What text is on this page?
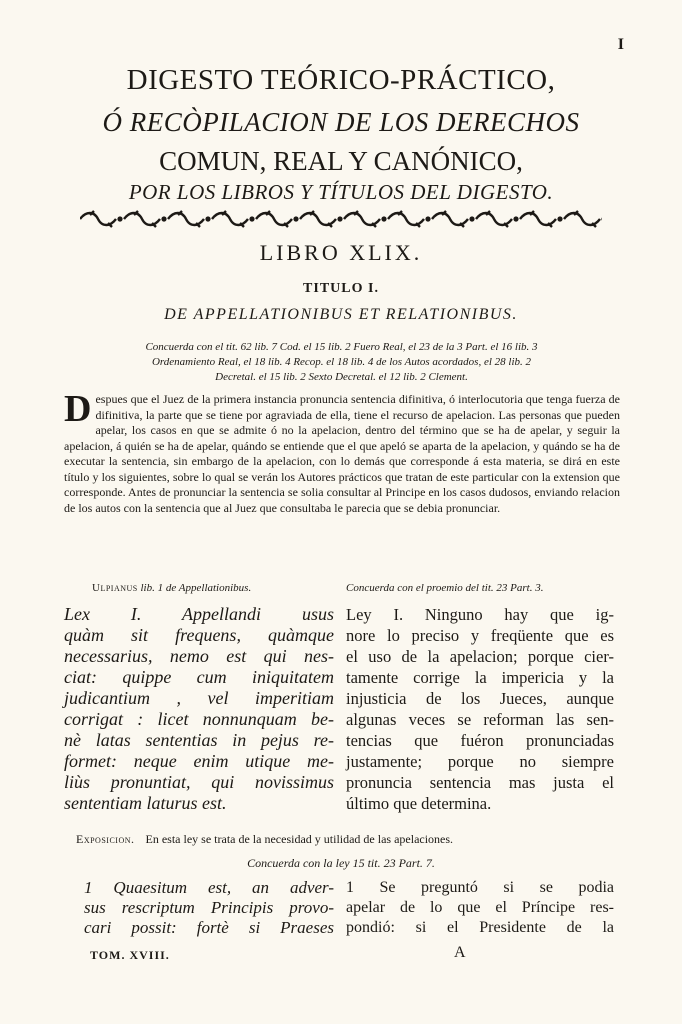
I
DIGESTO TEÓRICO-PRÁCTICO,
Ó RECÒPILACION DE LOS DERECHOS
COMUN, REAL Y CANÓNICO,
POR LOS LIBROS Y TÍTULOS DEL DIGESTO.
LIBRO XLIX.
TITULO I.
DE APPELLATIONIBUS ET RELATIONIBUS.
Concuerda con el tit. 62 lib. 7 Cod. el 15 lib. 2 Fuero Real, el 23 de la 3 Part. el 16 lib. 3
Ordenamiento Real, el 18 lib. 4 Recop. el 18 lib. 4 de los Autos acordados, el 28 lib. 2
Decretal. el 15 lib. 2 Sexto Decretal. el 12 lib. 2 Clement.
Despues que el Juez de la primera instancia pronuncia sentencia difinitiva, ó interlocutoria que tenga fuerza de difinitiva, la parte que se tiene por agraviada de ella, tiene el recurso de apelacion. Las personas que pueden apelar, los casos en que se admite ó no la apelacion, dentro del término que se ha de apelar, y seguir la apelacion, á quién se ha de apelar, quándo se entiende que el que apeló se aparta de la apelacion, y quándo se ha de executar la sentencia, sin embargo de la apelacion, con lo demás que corresponde á esta materia, se dirá en este título y los siguientes, sobre lo qual se verán los Autores prácticos que tratan de este particular con la extension que corresponde. Antes de pronunciar la sentencia se solia consultar al Principe en los casos dudosos, enviando relacion de los autos con la sentencia que al Juez que consultaba le parecia que se debia pronunciar.
Ulpianus lib. 1 de Appellationibus.	Concuerda con el proemio del tit. 23 Part. 3.
Lex I. Appellandi usus
quàm sit frequens, quàmque
necessarius, nemo est qui nes-
ciat: quippe cum iniquitatem
judicantium , vel imperitiam
corrigat : licet nonnunquam be-
nè latas sententias in pejus re-
formet: neque enim utique me-
liùs pronuntiat, qui novissimus
sententiam laturus est.
Ley I. Ninguno hay que ig-
nore lo preciso y freqüente que es
el uso de la apelacion; porque cier-
tamente corrige la impericia y la
injusticia de los Jueces, aunque
algunas veces se reforman las sen-
tencias que fuéron pronunciadas
justamente; porque no siempre
pronuncia sentencia mas justa el
último que determina.
Exposicion. En esta ley se trata de la necesidad y utilidad de las apelaciones.
Concuerda con la ley 15 tit. 23 Part. 7.
1 Quaesitum est, an adver-
sus rescriptum Principis provo-
cari possit: fortè si Praeses
1 Se preguntó si se podia
apelar de lo que el Príncipe res-
pondió: si el Presidente de la
TOM. XVIII.	A
